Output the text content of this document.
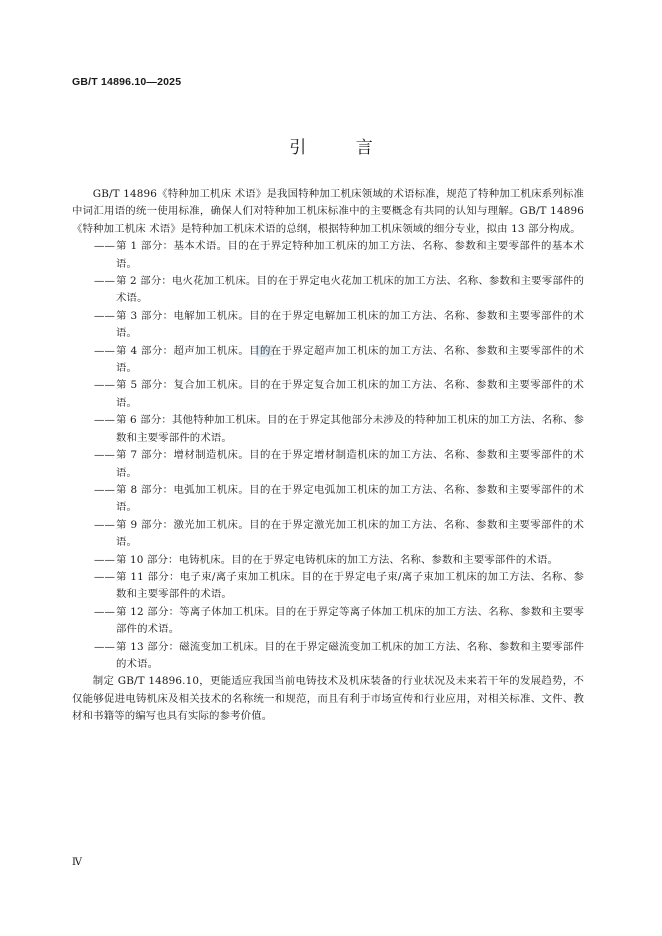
GB/T 14896.10—2025
引 言

GB/T 14896《特种加工机床 术语》是我国特种加工机床领域的术语标准，规范了特种加工机床系列标准中词汇用语的统一使用标准，确保人们对特种加工机床标准中的主要概念有共同的认知与理解。GB/T 14896《特种加工机床 术语》是特种加工机床术语的总纲，根据特种加工机床领域的细分专业，拟由 13 部分构成。

—— 第 1 部分：基本术语。目的在于界定特种加工机床的加工方法、名称、参数和主要零部件的基本术语。
—— 第 2 部分：电火花加工机床。目的在于界定电火花加工机床的加工方法、名称、参数和主要零部件的术语。
—— 第 3 部分：电解加工机床。目的在于界定电解加工机床的加工方法、名称、参数和主要零部件的术语。
—— 第 4 部分：超声加工机床。目的在于界定超声加工机床的加工方法、名称、参数和主要零部件的术语。
—— 第 5 部分：复合加工机床。目的在于界定复合加工机床的加工方法、名称、参数和主要零部件的术语。
—— 第 6 部分：其他特种加工机床。目的在于界定其他部分未涉及的特种加工机床的加工方法、名称、参数和主要零部件的术语。
—— 第 7 部分：增材制造机床。目的在于界定增材制造机床的加工方法、名称、参数和主要零部件的术语。
—— 第 8 部分：电弧加工机床。目的在于界定电弧加工机床的加工方法、名称、参数和主要零部件的术语。
—— 第 9 部分：激光加工机床。目的在于界定激光加工机床的加工方法、名称、参数和主要零部件的术语。
—— 第 10 部分：电铸机床。目的在于界定电铸机床的加工方法、名称、参数和主要零部件的术语。
—— 第 11 部分：电子束/离子束加工机床。目的在于界定电子束/离子束加工机床的加工方法、名称、参数和主要零部件的术语。
—— 第 12 部分：等离子体加工机床。目的在于界定等离子体加工机床的加工方法、名称、参数和主要零部件的术语。
—— 第 13 部分：磁流变加工机床。目的在于界定磁流变加工机床的加工方法、名称、参数和主要零部件的术语。

制定 GB/T 14896.10，更能适应我国当前电铸技术及机床装备的行业状况及未来若干年的发展趋势，不仅能够促进电铸机床及相关技术的名称统一和规范，而且有利于市场宣传和行业应用，对相关标准、文件、教材和书籍等的编写也具有实际的参考价值。

Ⅳ
